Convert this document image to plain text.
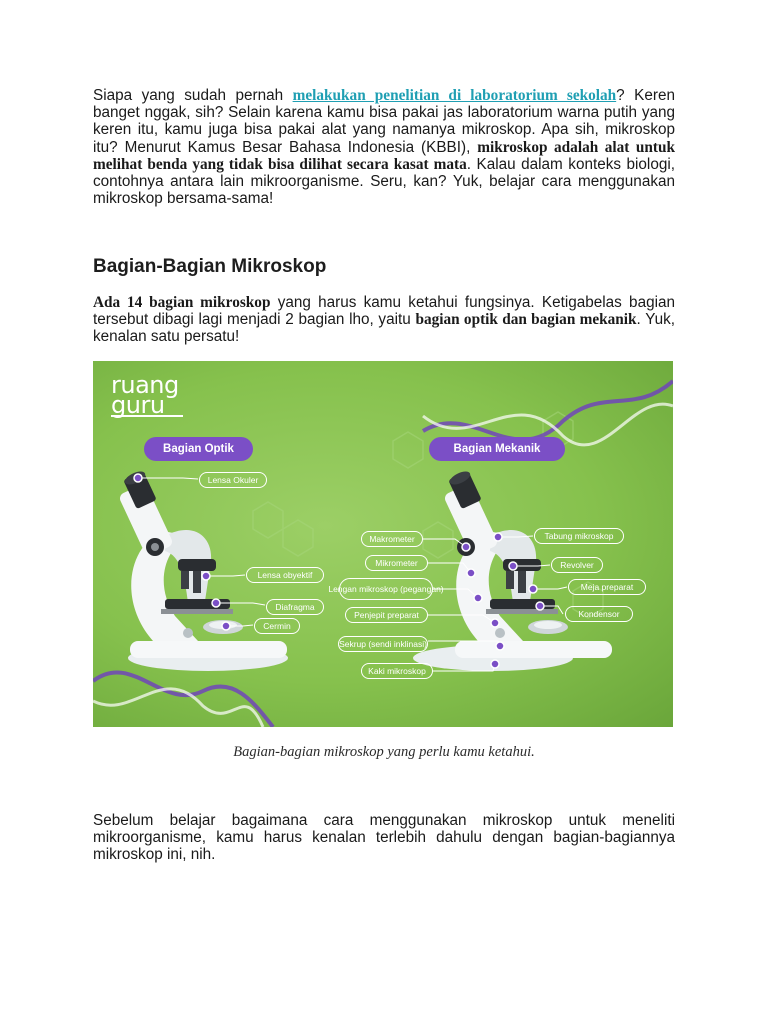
Siapa yang sudah pernah melakukan penelitian di laboratorium sekolah? Keren banget nggak, sih? Selain karena kamu bisa pakai jas laboratorium warna putih yang keren itu, kamu juga bisa pakai alat yang namanya mikroskop. Apa sih, mikroskop itu? Menurut Kamus Besar Bahasa Indonesia (KBBI), mikroskop adalah alat untuk melihat benda yang tidak bisa dilihat secara kasat mata. Kalau dalam konteks biologi, contohnya antara lain mikroorganisme. Seru, kan? Yuk, belajar cara menggunakan mikroskop bersama-sama!

Bagian-Bagian Mikroskop

Ada 14 bagian mikroskop yang harus kamu ketahui fungsinya. Ketigabelas bagian tersebut dibagi lagi menjadi 2 bagian lho, yaitu bagian optik dan bagian mekanik. Yuk, kenalan satu persatu!

ruang
guru
Bagian Optik	Bagian Mekanik
Lensa Okuler
Lensa obyektif
Diafragma
Cermin
Makrometer
Mikrometer
Lengan mikroskop (pegangan)
Penjepit preparat
Sekrup (sendi inklinasi)
Kaki mikroskop
Tabung mikroskop
Revolver
Meja preparat
Kondensor

Bagian-bagian mikroskop yang perlu kamu ketahui.

Sebelum belajar bagaimana cara menggunakan mikroskop untuk meneliti mikroorganisme, kamu harus kenalan terlebih dahulu dengan bagian-bagiannya mikroskop ini, nih.
